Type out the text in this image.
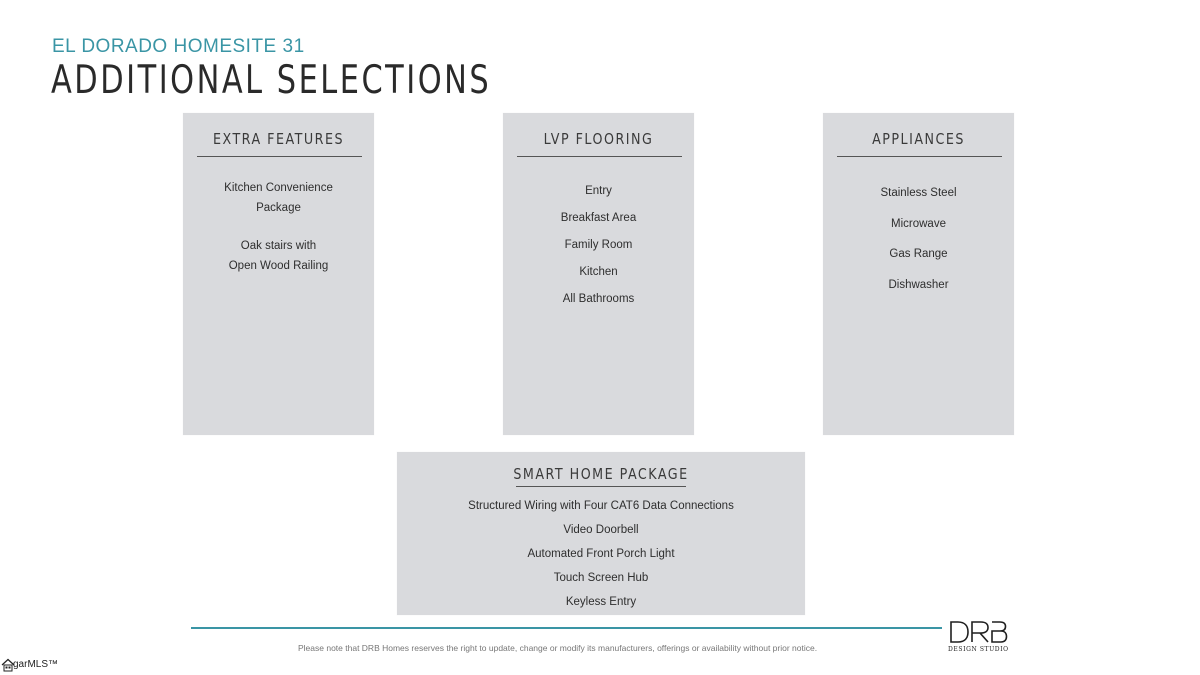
EL DORADO HOMESITE 31
ADDITIONAL SELECTIONS
EXTRA FEATURES
Kitchen Convenience
Package
Oak stairs with
Open Wood Railing
LVP FLOORING
Entry
Breakfast Area
Family Room
Kitchen
All Bathrooms
APPLIANCES
Stainless Steel
Microwave
Gas Range
Dishwasher
SMART HOME PACKAGE
Structured Wiring with Four CAT6 Data Connections
Video Doorbell
Automated Front Porch Light
Touch Screen Hub
Keyless Entry
Please note that DRB Homes reserves the right to update, change or modify its manufacturers, offerings or availability without prior notice.	DESIGN STUDIO
garMLS™
